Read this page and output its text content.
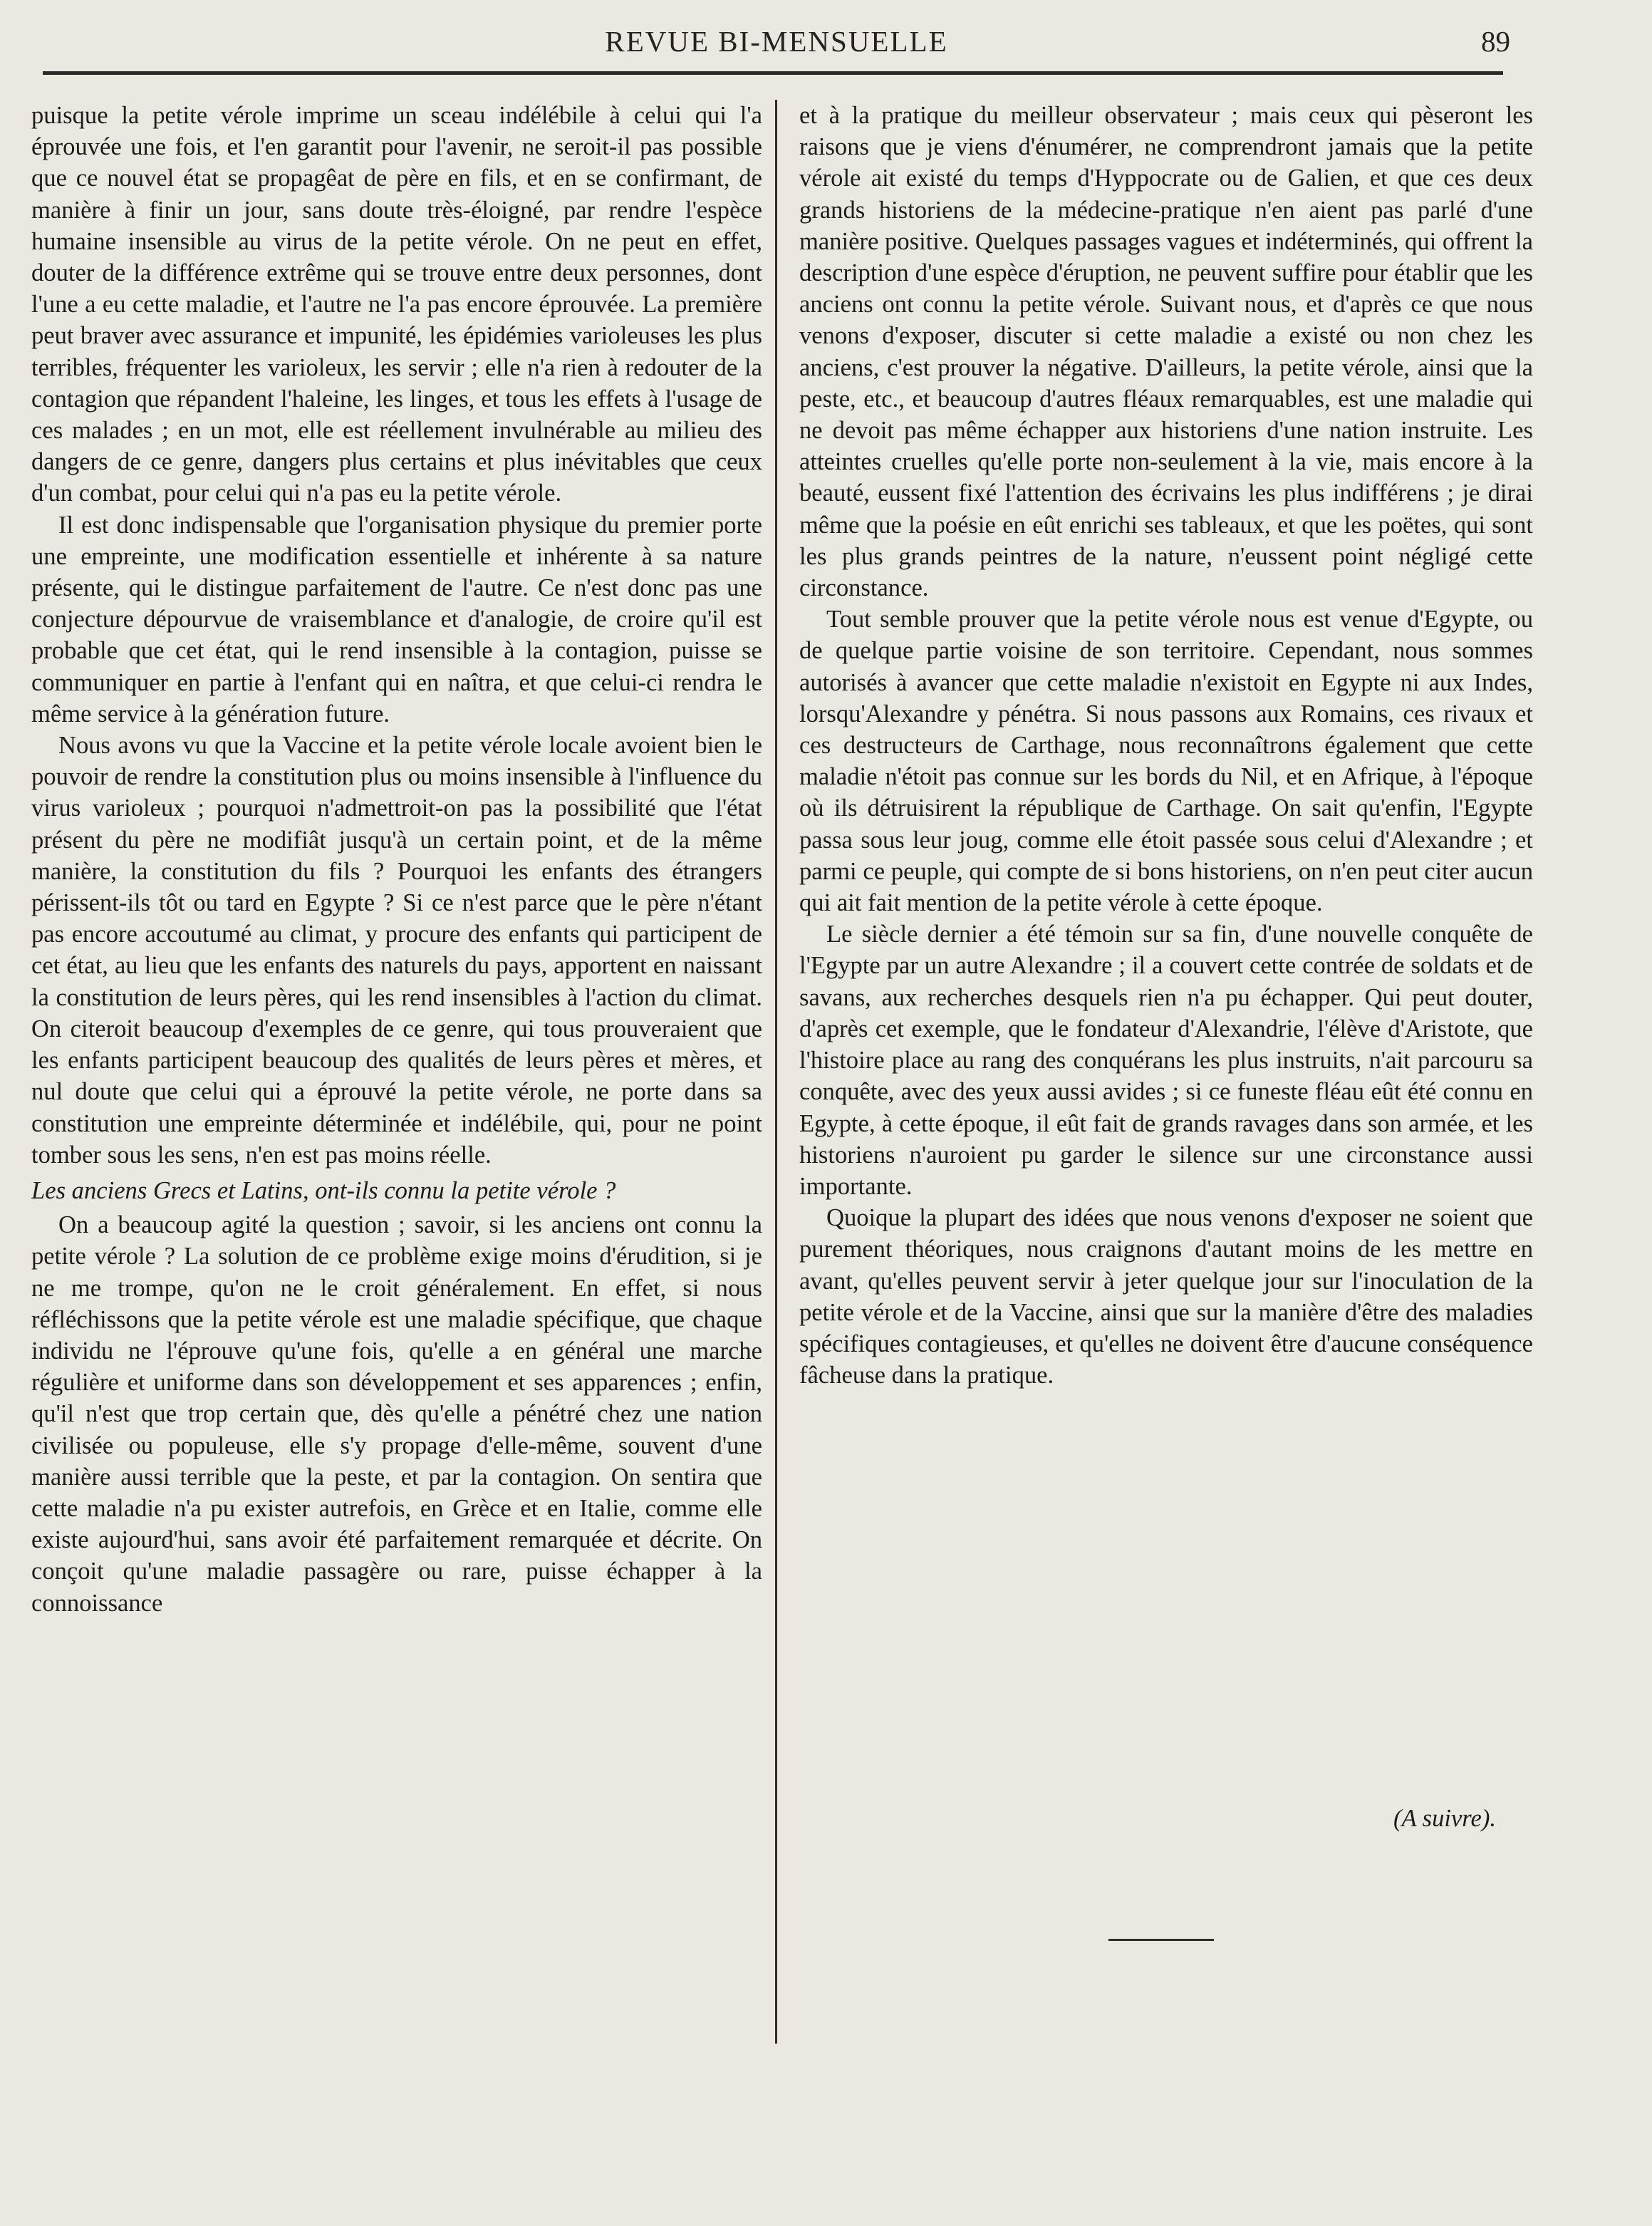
REVUE BI-MENSUELLE	89

puisque la petite vérole imprime un sceau indélébile à celui qui l'a éprouvée une fois, et l'en garantit pour l'avenir, ne seroit-il pas possible que ce nouvel état se propagêat de père en fils, et en se confirmant, de manière à finir un jour, sans doute très-éloigné, par rendre l'espèce humaine insensible au virus de la petite vérole. On ne peut en effet, douter de la différence extrême qui se trouve entre deux personnes, dont l'une a eu cette maladie, et l'autre ne l'a pas encore éprouvée. La première peut braver avec assurance et impunité, les épidémies varioleuses les plus terribles, fréquenter les varioleux, les servir ; elle n'a rien à redouter de la contagion que répandent l'haleine, les linges, et tous les effets à l'usage de ces malades ; en un mot, elle est réellement invulnérable au milieu des dangers de ce genre, dangers plus certains et plus inévitables que ceux d'un combat, pour celui qui n'a pas eu la petite vérole.

Il est donc indispensable que l'organisation physique du premier porte une empreinte, une modification essentielle et inhérente à sa nature présente, qui le distingue parfaitement de l'autre. Ce n'est donc pas une conjecture dépourvue de vraisemblance et d'analogie, de croire qu'il est probable que cet état, qui le rend insensible à la contagion, puisse se communiquer en partie à l'enfant qui en naîtra, et que celui-ci rendra le même service à la génération future.

Nous avons vu que la Vaccine et la petite vérole locale avoient bien le pouvoir de rendre la constitution plus ou moins insensible à l'influence du virus varioleux ; pourquoi n'admettroit-on pas la possibilité que l'état présent du père ne modifiât jusqu'à un certain point, et de la même manière, la constitution du fils ? Pourquoi les enfants des étrangers périssent-ils tôt ou tard en Egypte ? Si ce n'est parce que le père n'étant pas encore accoutumé au climat, y procure des enfants qui participent de cet état, au lieu que les enfants des naturels du pays, apportent en naissant la constitution de leurs pères, qui les rend insensibles à l'action du climat. On citeroit beaucoup d'exemples de ce genre, qui tous prouveraient que les enfants participent beaucoup des qualités de leurs pères et mères, et nul doute que celui qui a éprouvé la petite vérole, ne porte dans sa constitution une empreinte déterminée et indélébile, qui, pour ne point tomber sous les sens, n'en est pas moins réelle.

Les anciens Grecs et Latins, ont-ils connu la petite vérole ?

On a beaucoup agité la question ; savoir, si les anciens ont connu la petite vérole ? La solution de ce problème exige moins d'érudition, si je ne me trompe, qu'on ne le croit généralement. En effet, si nous réfléchissons que la petite vérole est une maladie spécifique, que chaque individu ne l'éprouve qu'une fois, qu'elle a en général une marche régulière et uniforme dans son développement et ses apparences ; enfin, qu'il n'est que trop certain que, dès qu'elle a pénétré chez une nation civilisée ou populeuse, elle s'y propage d'elle-même, souvent d'une manière aussi terrible que la peste, et par la contagion. On sentira que cette maladie n'a pu exister autrefois, en Grèce et en Italie, comme elle existe aujourd'hui, sans avoir été parfaitement remarquée et décrite. On conçoit qu'une maladie passagère ou rare, puisse échapper à la connoissance

et à la pratique du meilleur observateur ; mais ceux qui pèseront les raisons que je viens d'énumérer, ne comprendront jamais que la petite vérole ait existé du temps d'Hyppocrate ou de Galien, et que ces deux grands historiens de la médecine-pratique n'en aient pas parlé d'une manière positive. Quelques passages vagues et indéterminés, qui offrent la description d'une espèce d'éruption, ne peuvent suffire pour établir que les anciens ont connu la petite vérole. Suivant nous, et d'après ce que nous venons d'exposer, discuter si cette maladie a existé ou non chez les anciens, c'est prouver la négative. D'ailleurs, la petite vérole, ainsi que la peste, etc., et beaucoup d'autres fléaux remarquables, est une maladie qui ne devoit pas même échapper aux historiens d'une nation instruite. Les atteintes cruelles qu'elle porte non-seulement à la vie, mais encore à la beauté, eussent fixé l'attention des écrivains les plus indifférens ; je dirai même que la poésie en eût enrichi ses tableaux, et que les poëtes, qui sont les plus grands peintres de la nature, n'eussent point négligé cette circonstance.

Tout semble prouver que la petite vérole nous est venue d'Egypte, ou de quelque partie voisine de son territoire. Cependant, nous sommes autorisés à avancer que cette maladie n'existoit en Egypte ni aux Indes, lorsqu'Alexandre y pénétra. Si nous passons aux Romains, ces rivaux et ces destructeurs de Carthage, nous reconnaîtrons également que cette maladie n'étoit pas connue sur les bords du Nil, et en Afrique, à l'époque où ils détruisirent la république de Carthage. On sait qu'enfin, l'Egypte passa sous leur joug, comme elle étoit passée sous celui d'Alexandre ; et parmi ce peuple, qui compte de si bons historiens, on n'en peut citer aucun qui ait fait mention de la petite vérole à cette époque.

Le siècle dernier a été témoin sur sa fin, d'une nouvelle conquête de l'Egypte par un autre Alexandre ; il a couvert cette contrée de soldats et de savans, aux recherches desquels rien n'a pu échapper. Qui peut douter, d'après cet exemple, que le fondateur d'Alexandrie, l'élève d'Aristote, que l'histoire place au rang des conquérans les plus instruits, n'ait parcouru sa conquête, avec des yeux aussi avides ; si ce funeste fléau eût été connu en Egypte, à cette époque, il eût fait de grands ravages dans son armée, et les historiens n'auroient pu garder le silence sur une circonstance aussi importante.

Quoique la plupart des idées que nous venons d'exposer ne soient que purement théoriques, nous craignons d'autant moins de les mettre en avant, qu'elles peuvent servir à jeter quelque jour sur l'inoculation de la petite vérole et de la Vaccine, ainsi que sur la manière d'être des maladies spécifiques contagieuses, et qu'elles ne doivent être d'aucune conséquence fâcheuse dans la pratique.

(A suivre).
